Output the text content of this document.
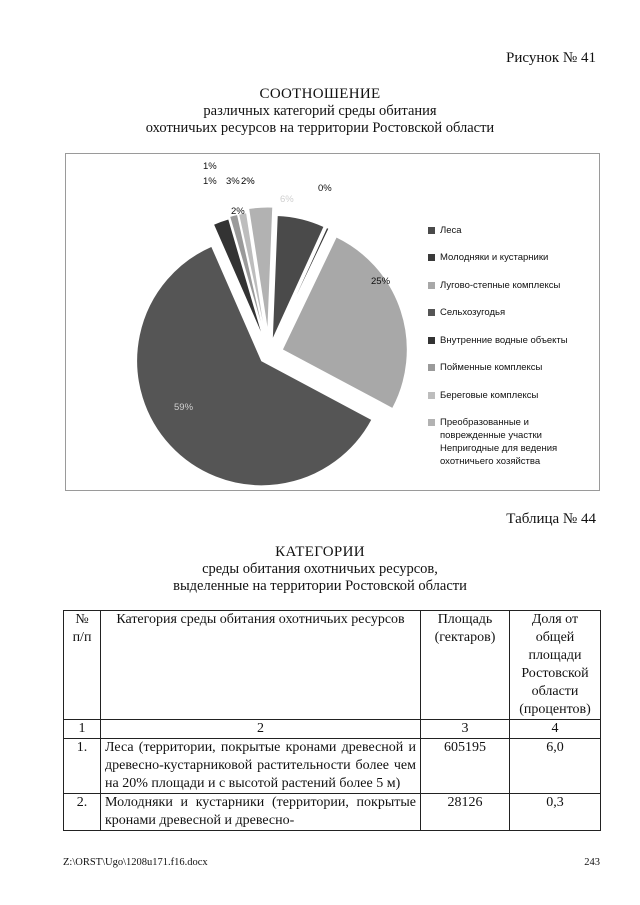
Рисунок № 41
СООТНОШЕНИЕ
различных категорий среды обитания
охотничьих ресурсов на территории Ростовской области
6%
0%
25%
59%
2%
1%
1%
3% 2%
Леса
Молодняки и кустарники
Лугово-степные комплексы
Сельхозугодья
Внутренние водные объекты
Пойменные комплексы
Береговые комплексы
Преобразованные и поврежденные участки Непригодные для ведения охотничьего хозяйства
Таблица № 44
КАТЕГОРИИ
среды обитания охотничьих ресурсов,
выделенные на территории Ростовской области
№ п/п	Категория среды обитания охотничьих ресурсов	Площадь (гектаров)	Доля от общей площади Ростовской области (процентов)
1	2	3	4
1.	Леса (территории, покрытые кронами древесной и древесно-кустарниковой растительности более чем на 20% площади и с высотой растений более 5 м)	605195	6,0
2.	Молодняки и кустарники (территории, покрытые кронами древесной и древесно-	28126	0,3
Z:\ORST\Ugo\1208u171.f16.docx	243
